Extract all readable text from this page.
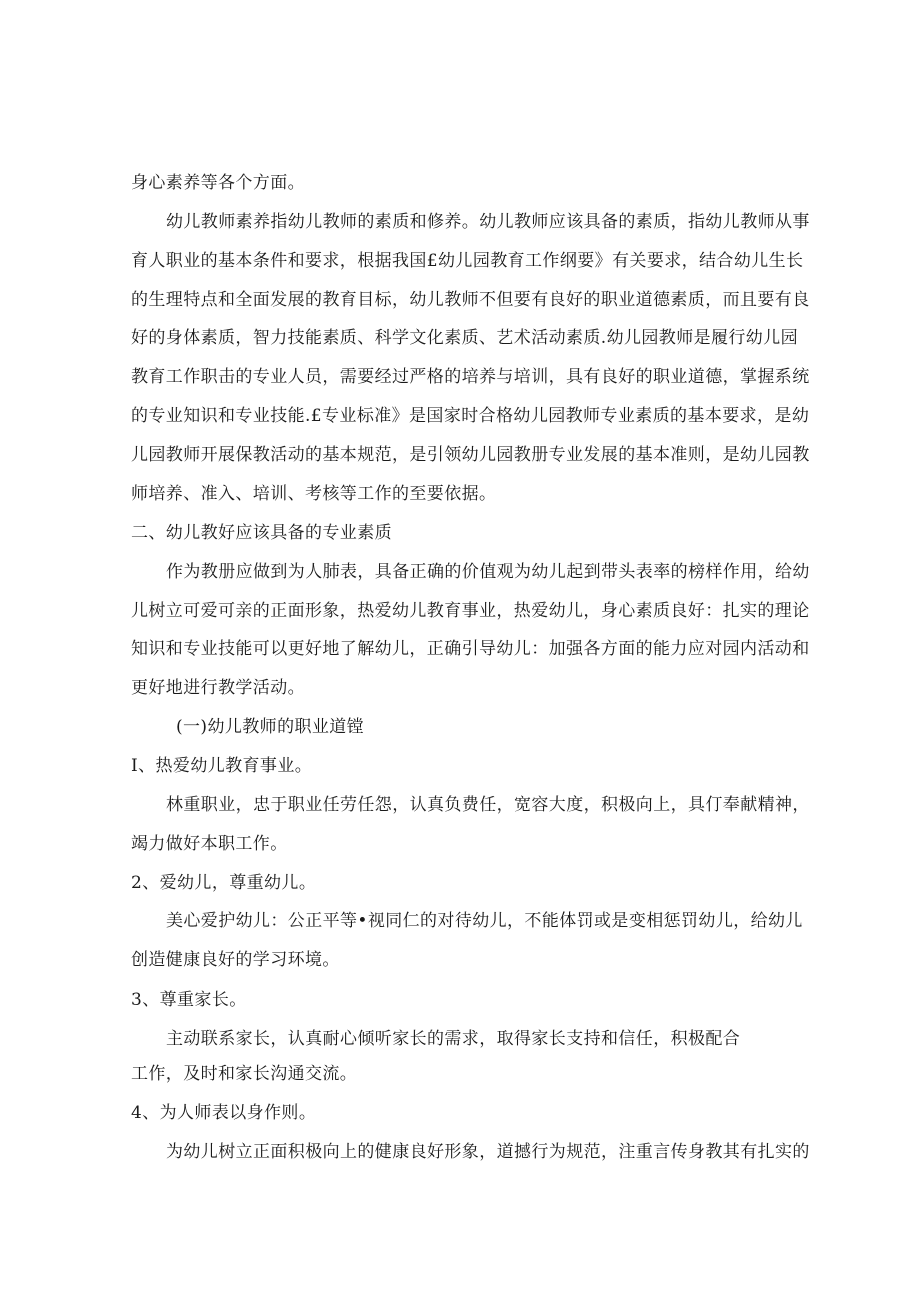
身心素养等各个方面。
幼儿教师素养指幼儿教师的素质和修养。幼儿教师应该具备的素质，指幼儿教师从事
育人职业的基本条件和要求，根据我国£幼儿园教育工作纲要》有关要求，结合幼儿生长
的生理特点和全面发展的教育目标，幼儿教师不但要有良好的职业道德素质，而且要有良
好的身体素质，智力技能素质、科学文化素质、艺术活动素质.幼儿园教师是履行幼儿园
教育工作职击的专业人员，需要经过严格的培养与培训，具有良好的职业道德，掌握系统
的专业知识和专业技能.£专业标准》是国家时合格幼儿园教师专业素质的基本要求，是幼
儿园教师开展保教活动的基本规范，是引领幼儿园教册专业发展的基本准则，是幼儿园教
师培养、准入、培训、考核等工作的至要依据。
二、幼儿教好应该具备的专业素质
作为教册应做到为人肺表，具备正确的价值观为幼儿起到带头表率的榜样作用，给幼
儿树立可爱可亲的正面形象，热爱幼儿教育事业，热爱幼儿，身心素质良好：扎实的理论
知识和专业技能可以更好地了解幼儿，正确引导幼儿：加强各方面的能力应对园内活动和
更好地进行教学活动。
(一)幼儿教师的职业道镗
I、热爱幼儿教育事业。
林重职业，忠于职业任劳任怨，认真负费任，宽容大度，积极向上，具仃奉献精神，
竭力做好本职工作。
2、爱幼儿，尊重幼儿。
美心爱护幼儿：公正平等•视同仁的对待幼儿，不能体罚或是变相惩罚幼儿，给幼儿
创造健康良好的学习环境。
3、尊重家长。
主动联系家长，认真耐心倾听家长的需求，取得家长支持和信任，积极配合
工作，及时和家长沟通交流。
4、为人师表以身作则。
为幼儿树立正面积极向上的健康良好形象，道撼行为规范，注重言传身教其有扎实的
